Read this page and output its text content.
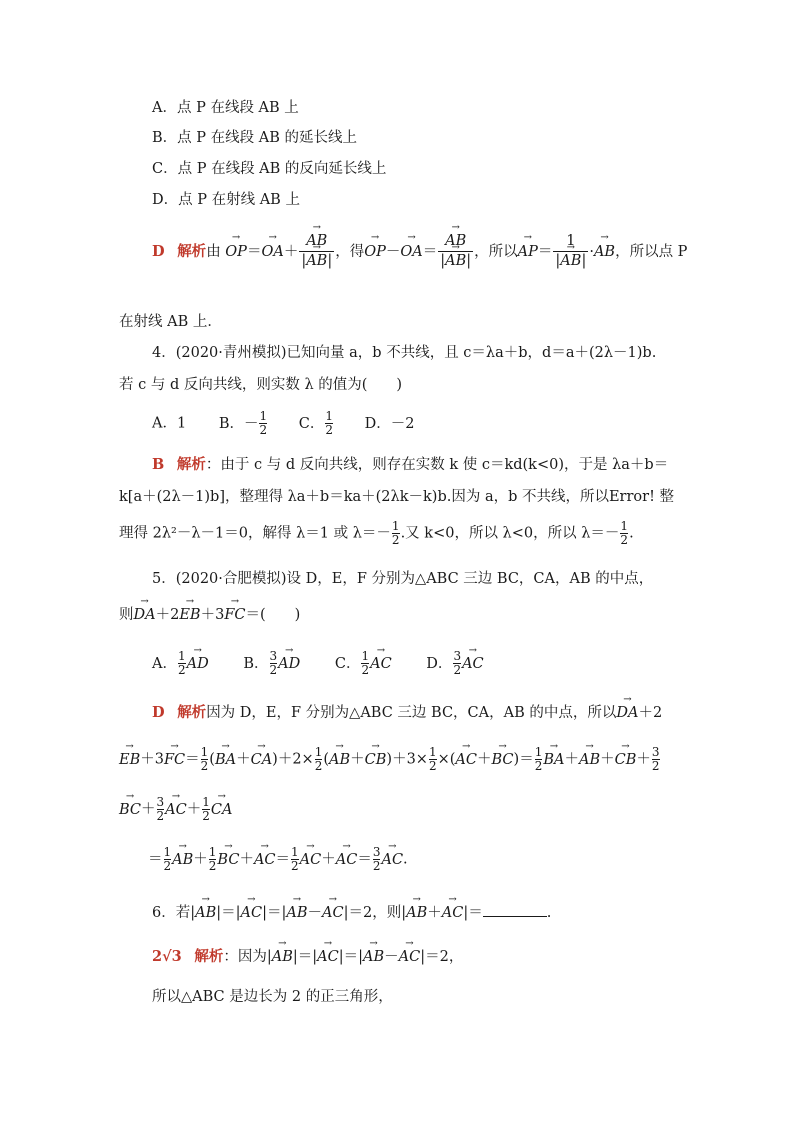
A．点 P 在线段 AB 上
B．点 P 在线段 AB 的延长线上
C．点 P 在线段 AB 的反向延长线上
D．点 P 在射线 AB 上
D 解析由 → $OP=\to OA+ \to \frac{AB}{|\to AB|}$ ，得→ $OP-\to OA= \to \frac{AB}{|\to AB|}$ ，所以→ $AP= \frac{1}{|\to AB|}$ ·→ AB，所以点 P
在射线 AB 上．
4．(2020·青州模拟)已知向量 a，b 不共线，且 c＝λa＋b，d＝a＋(2λ－1)b.
若 c 与 d 反向共线，则实数 λ 的值为(　　)
A．1 B．－ $\frac{1}{2}$ C． $\frac{1}{2}$ D．－2
B 解析：由于 c 与 d 反向共线，则存在实数 k 使 c＝kd(k<0)，于是 λa＋b＝
k[a＋(2λ－1)b]，整理得 λa＋b＝ka＋(2λk－k)b.因为 a，b 不共线，所以Error! 整
理得 2λ²－λ－1＝0，解得 λ＝1 或 $\lambda=- \frac{1}{2}$ .又 k<0，所以 λ<0，所以 $\lambda=- \frac{1}{2}$ .
5．(2020·合肥模拟)设 D，E，F 分别为△ABC 三边 BC，CA，AB 的中点，
则→ DA＋2→ EB＋3→ FC＝(　　)
A． $\frac{1}{2}$ → AD B． $\frac{3}{2}$ → AD C． $\frac{1}{2}$ → AC D． $\frac{3}{2}$ → AC
D 解析因为 D，E，F 分别为△ABC 三边 BC，CA，AB 的中点，所以→ DA＋2
→ $EB+3\to FC= \frac{1}{2}$ (→ $BA+\to CA)+2\times \frac{1}{2}$ (→ $AB+\to CB)+3\times \frac{1}{2}$ ×(→ $AC+\to BC)= \frac{1}{2} \to BA+\to AB+\to CB+ \frac{3}{2}$
→ $BC+ \frac{3}{2} \to AC+ \frac{1}{2}$ → CA
＝ $\frac{1}{2} \to AB+ \frac{1}{2} \to BC+\to AC= \frac{1}{2} \to AC+\to AC= \frac{3}{2}$ → AC.
6．若|→ AB|＝|→ AC|＝|→ AB－→ AC|＝2，则|→ AB＋→ AC|＝	.
2√3 解析：因为|→ AB|＝|→ AC|＝|→ AB－→ AC|＝2，
所以△ABC 是边长为 2 的正三角形，
